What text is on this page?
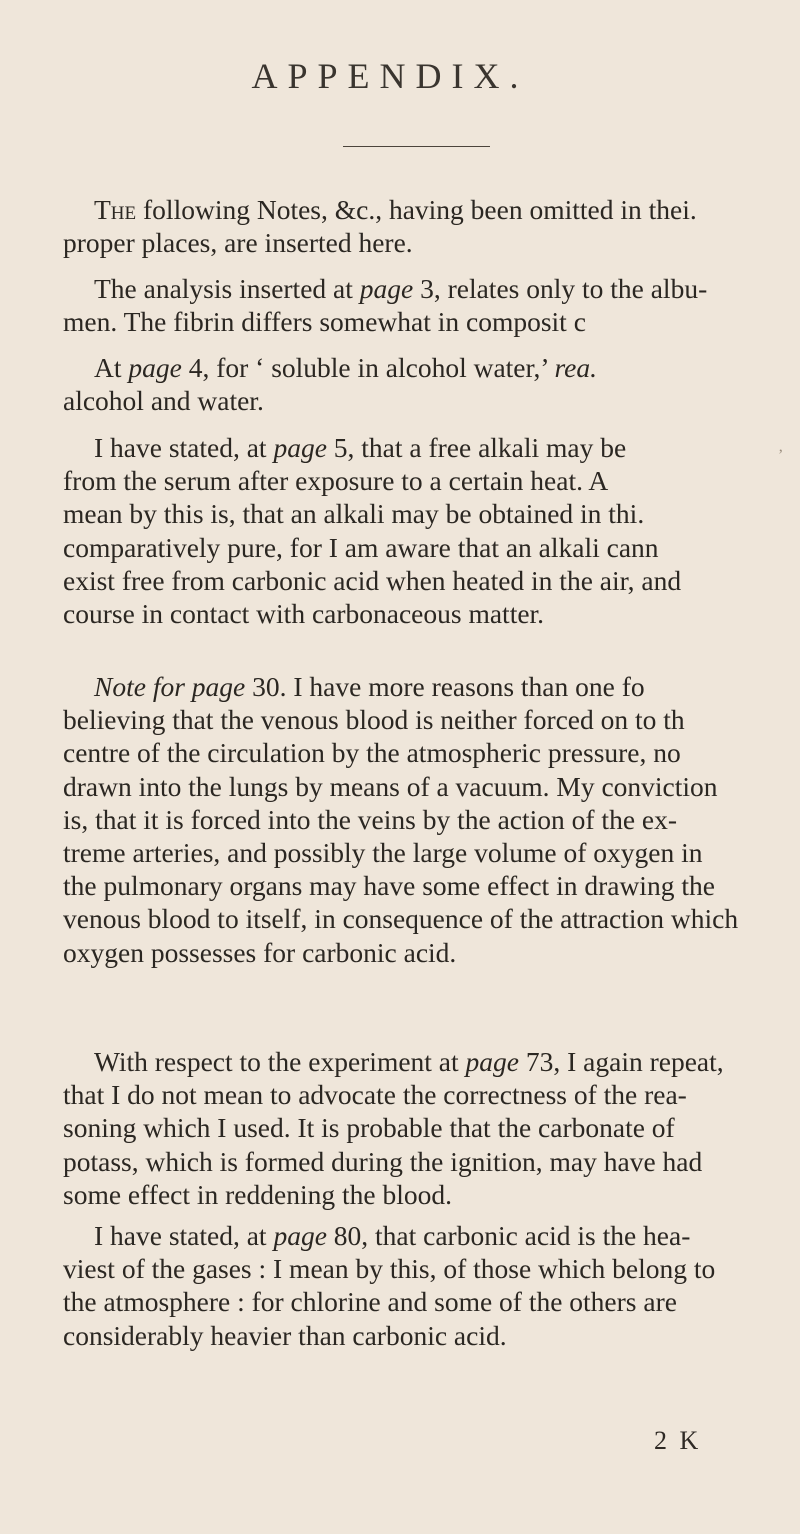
APPENDIX.
The following Notes, &c., having been omitted in thei.
proper places, are inserted here.
The analysis inserted at page 3, relates only to the albu-
men. The fibrin differs somewhat in composit c
At page 4, for ‘ soluble in alcohol water,’ rea.
alcohol and water.
I have stated, at page 5, that a free alkali may be
from the serum after exposure to a certain heat. A
mean by this is, that an alkali may be obtained in thi.
comparatively pure, for I am aware that an alkali cann
exist free from carbonic acid when heated in the air, and
course in contact with carbonaceous matter.
Note for page 30. I have more reasons than one fo
believing that the venous blood is neither forced on to th
centre of the circulation by the atmospheric pressure, no
drawn into the lungs by means of a vacuum. My conviction
is, that it is forced into the veins by the action of the ex-
treme arteries, and possibly the large volume of oxygen in
the pulmonary organs may have some effect in drawing the
venous blood to itself, in consequence of the attraction which
oxygen possesses for carbonic acid.
With respect to the experiment at page 73, I again repeat,
that I do not mean to advocate the correctness of the rea-
soning which I used. It is probable that the carbonate of
potass, which is formed during the ignition, may have had
some effect in reddening the blood.
I have stated, at page 80, that carbonic acid is the hea-
viest of the gases : I mean by this, of those which belong to
the atmosphere : for chlorine and some of the others are
considerably heavier than carbonic acid.
2 K
ʼ
